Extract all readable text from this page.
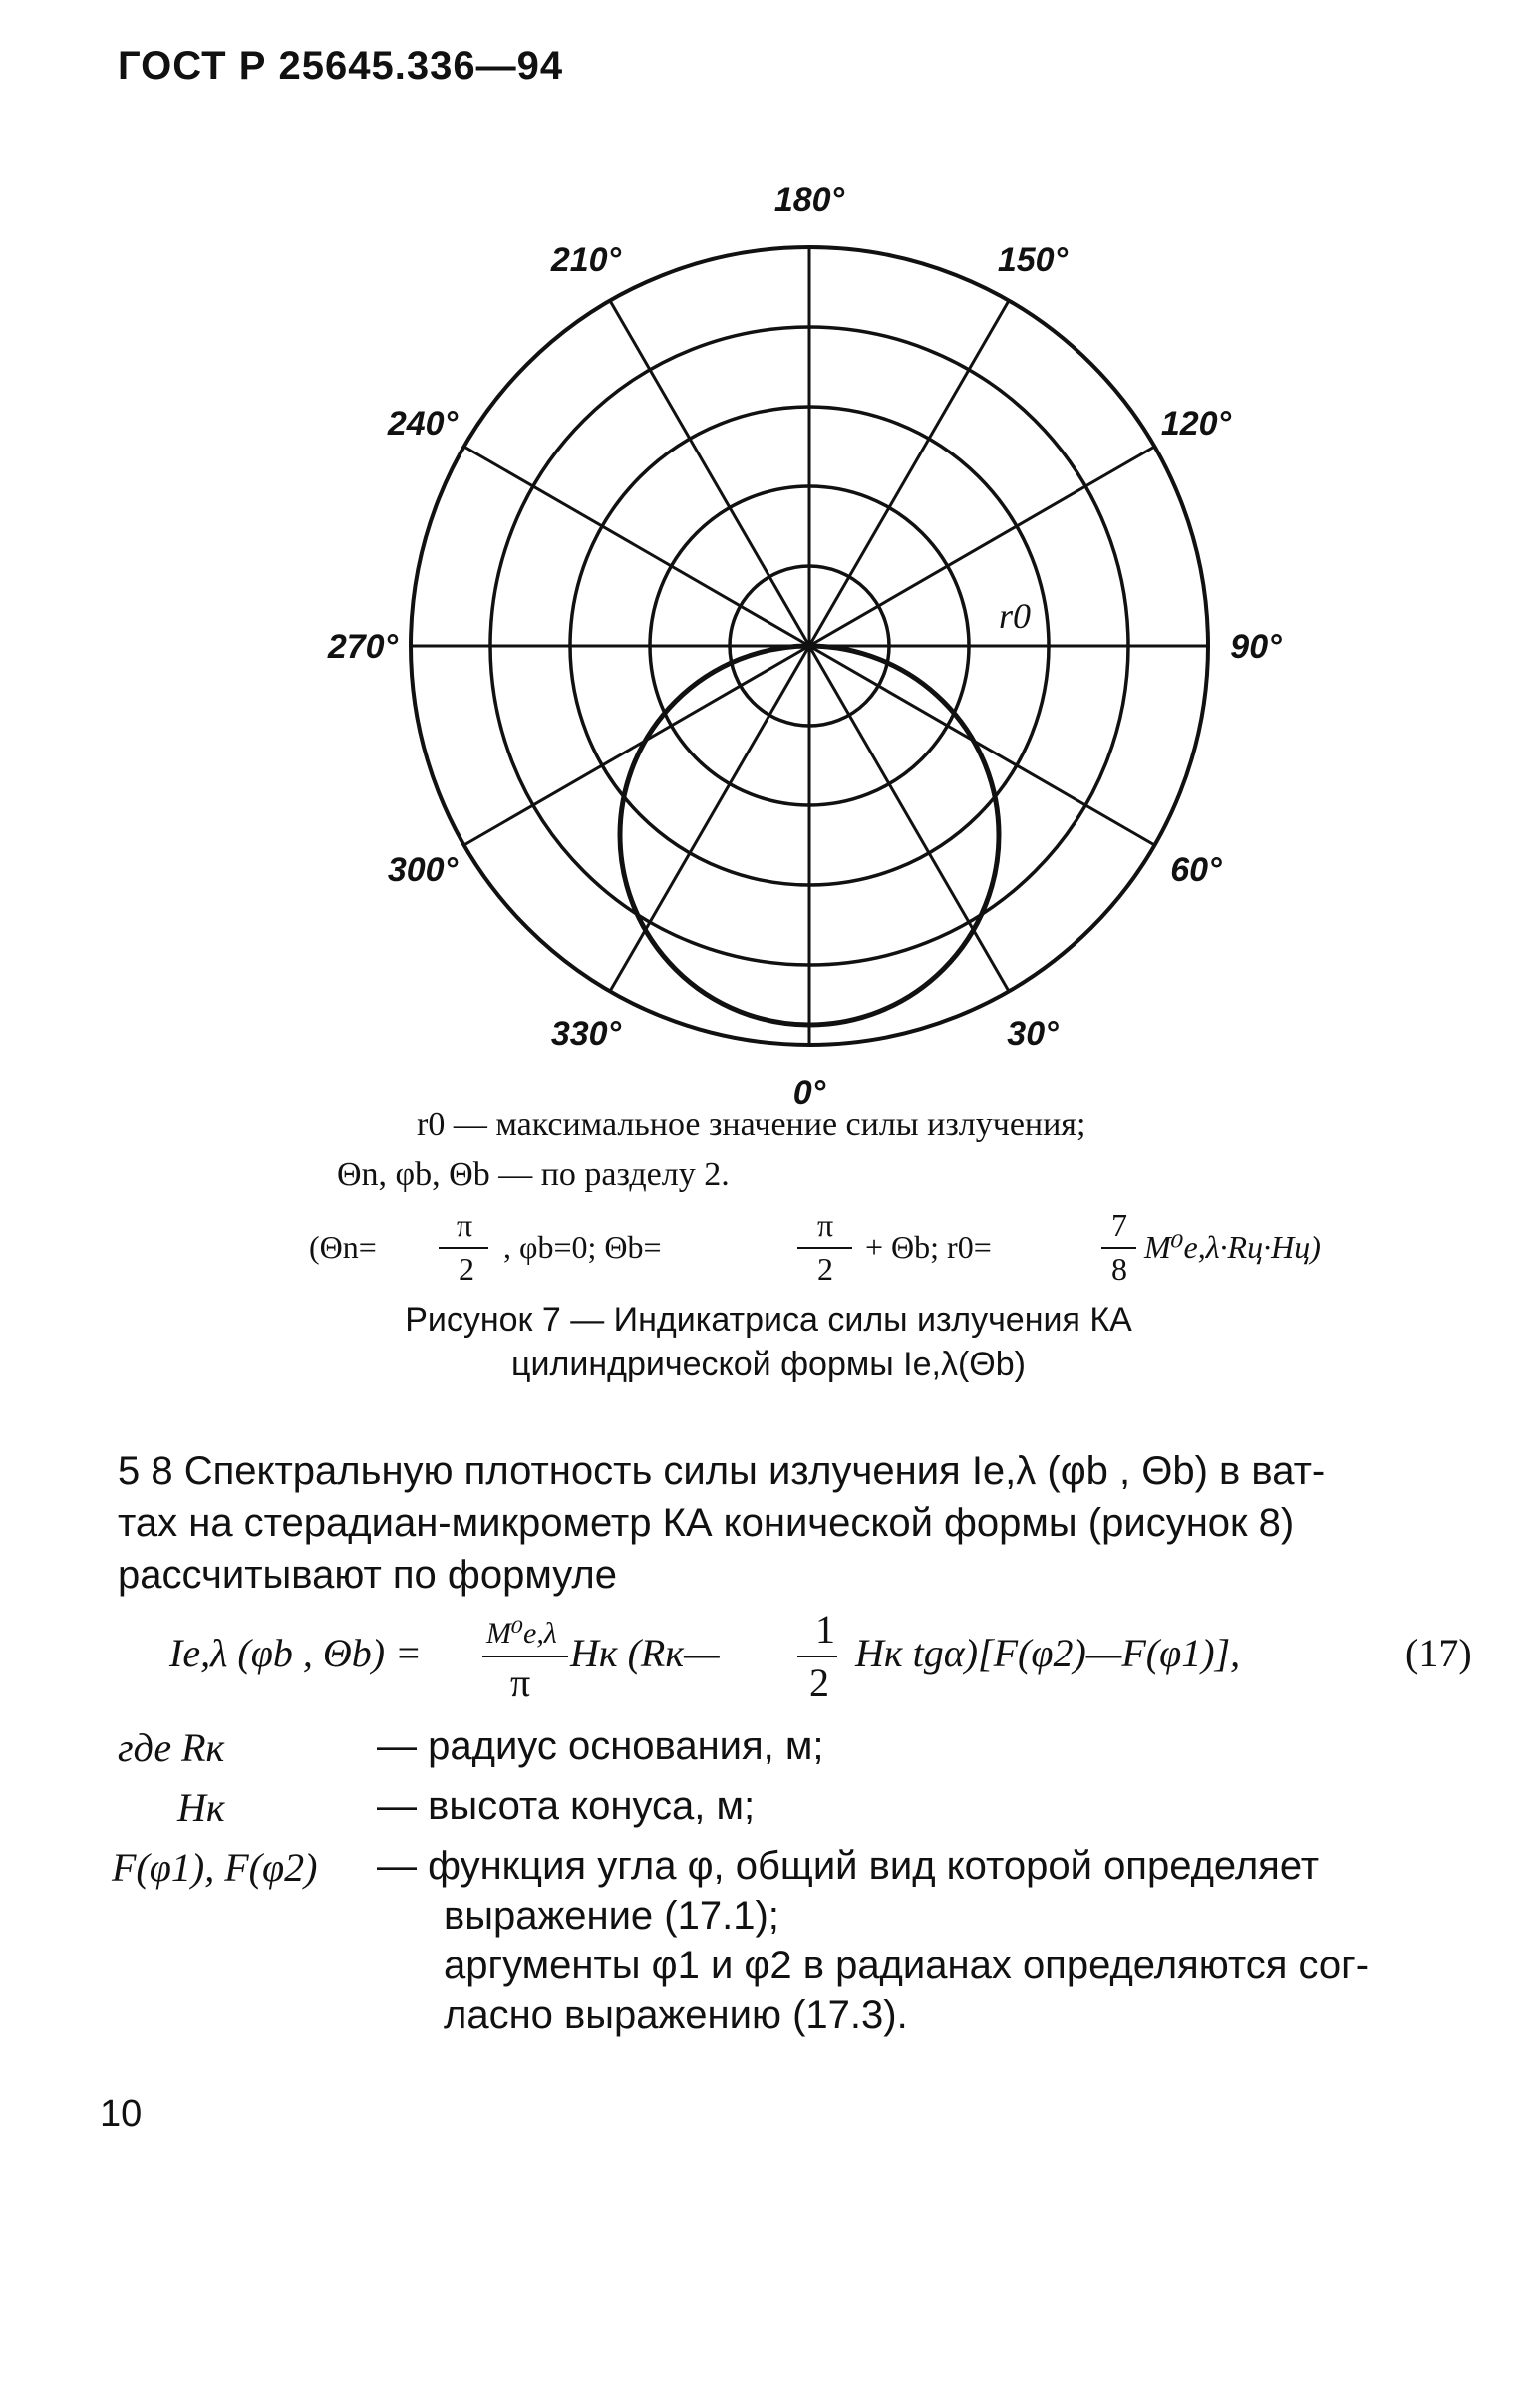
ГОСТ Р 25645.336—94
180°
150°
120°
90°
60°
30°
0°
330°
300°
270°
240°
210°
r0
r0 — максимальное значение силы излучения;
Θn, φb, Θb — по разделу 2.
(Θn=
π
2
, φb=0; Θb=
π
2
+ Θb; r0=
7
8
M⁰e,λ·Rц·Hц)
Рисунок 7 — Индикатриса силы излучения КА
цилиндрической формы Ie,λ(Θb)
5 8 Спектральную плотность силы излучения Ie,λ (φb , Θb) в ват-
тах на стерадиан-микрометр КА конической формы (рисунок 8)
рассчитывают по формуле
Ie,λ (φb , Θb) = M⁰e,λ
π
Hк (Rк—
1
2
Hк tgα)[F(φ2)—F(φ1)],	(17)
где Rк	— радиус основания, м;
Hк	— высота конуса, м;
F(φ1), F(φ2) — функция угла φ, общий вид которой определяет
выражение (17.1);
аргументы φ1 и φ2 в радианах определяются сог-
ласно выражению (17.3).
10
